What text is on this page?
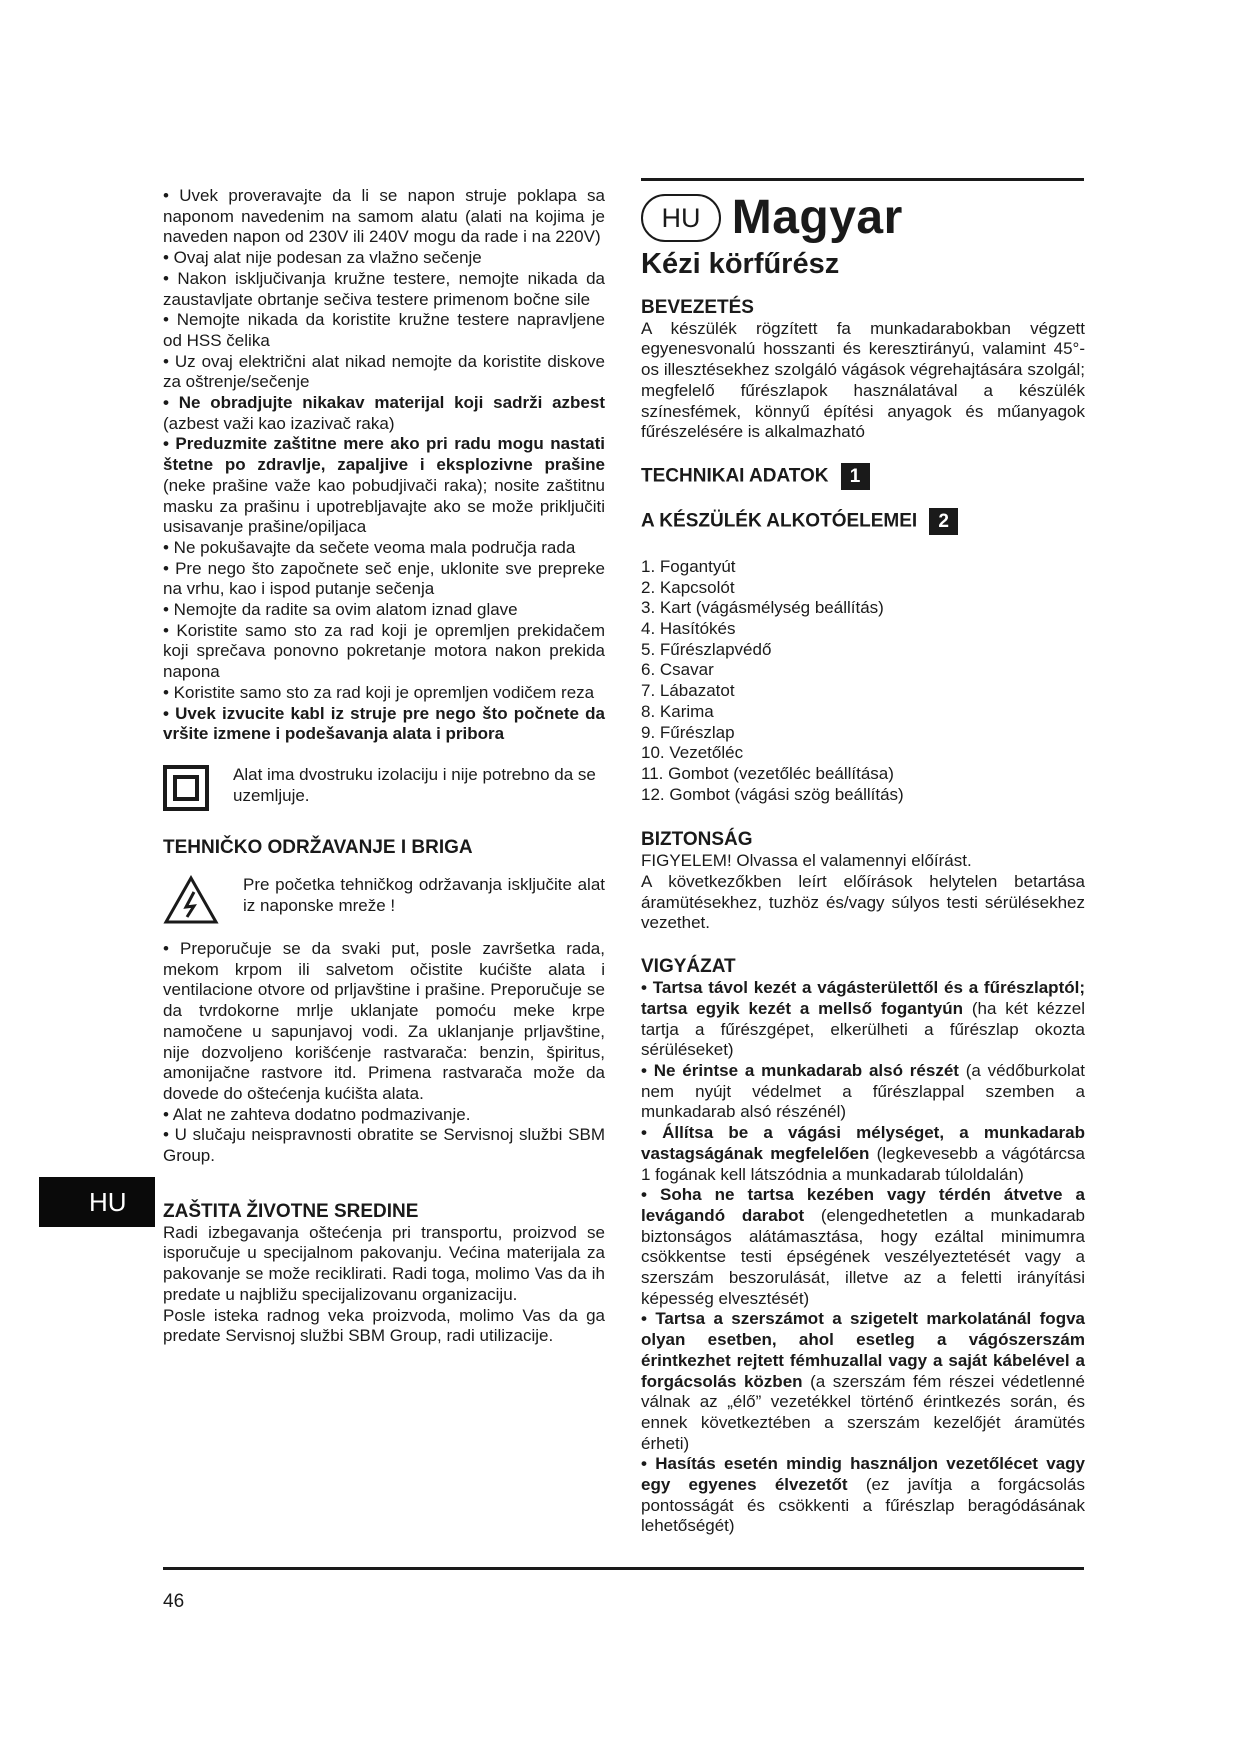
• Uvek proveravajte da li se napon struje poklapa sa naponom navedenim na samom alatu (alati na kojima je naveden napon od 230V ili 240V mogu da rade i na 220V)

• Ovaj alat nije podesan za vlažno sečenje

• Nakon isključivanja kružne testere, nemojte nikada da zaustavljate obrtanje sečiva testere primenom bočne sile

• Nemojte nikada da koristite kružne testere napravljene od HSS čelika

• Uz ovaj električni alat nikad nemojte da koristite diskove za oštrenje/sečenje

• Ne obradjujte nikakav materijal koji sadrži azbest (azbest važi kao izazivač raka)

• Preduzmite zaštitne mere ako pri radu mogu nastati štetne po zdravlje, zapaljive i eksplozivne prašine (neke prašine važe kao pobudjivači raka); nosite zaštitnu masku za prašinu i upotrebljavajte ako se može priključiti usisavanje prašine/opiljaca

• Ne pokušavajte da sečete veoma mala područja rada

• Pre nego što započnete seč enje, uklonite sve prepreke na vrhu, kao i ispod putanje sečenja

• Nemojte da radite sa ovim alatom iznad glave

• Koristite samo sto za rad koji je opremljen prekidačem koji sprečava ponovno pokretanje motora nakon prekida napona

• Koristite samo sto za rad koji je opremljen vodičem reza

• Uvek izvucite kabl iz struje pre nego što počnete da vršite izmene i podešavanja alata i pribora

Alat ima dvostruku izolaciju i nije potrebno da se uzemljuje.

TEHNIČKO ODRŽAVANJE I BRIGA

Pre početka tehničkog održavanja isključite alat iz naponske mreže !

• Preporučuje se da svaki put, posle završetka rada, mekom krpom ili salvetom očistite kućište alata i ventilacione otvore od prljavštine i prašine. Preporučuje se da tvrdokorne mrlje uklanjate pomoću meke krpe namočene u sapunjavoj vodi. Za uklanjanje prljavštine, nije dozvoljeno korišćenje rastvarača: benzin, špiritus, amonijačne rastvore itd. Primena rastvarača može da dovede do oštećenja kućišta alata.

• Alat ne zahteva dodatno podmazivanje.

• U slučaju neispravnosti obratite se Servisnoj službi SBM Group.

ZAŠTITA ŽIVOTNE SREDINE

Radi izbegavanja oštećenja pri transportu, proizvod se isporučuje u specijalnom pakovanju. Većina materijala za pakovanje se može reciklirati. Radi toga, molimo Vas da ih predate u najbližu specijalizovanu organizaciju.

Posle isteka radnog veka proizvoda, molimo Vas da ga predate Servisnoj službi SBM Group, radi utilizacije.

HU Magyar
Kézi körfűrész

BEVEZETÉS

A készülék rögzített fa munkadarabokban végzett egyenesvonalú hosszanti és keresztirányú, valamint 45°-os illesztésekhez szolgáló vágások végrehajtására szolgál; megfelelő fűrészlapok használatával a készülék színesfémek, könnyű építési anyagok és műanyagok fűrészelésére is alkalmazható

TECHNIKAI ADATOK 1

A KÉSZÜLÉK ALKOTÓELEMEI 2

1. Fogantyút
2. Kapcsolót
3. Kart (vágásmélység beállítás)
4. Hasítókés
5. Fűrészlapvédő
6. Csavar
7. Lábazatot
8. Karima
9. Fűrészlap
10. Vezetőléc
11. Gombot (vezetőléc beállítása)
12. Gombot (vágási szög beállítás)

BIZTONSÁG

FIGYELEM! Olvassa el valamennyi előírást.

A következőkben leírt előírások helytelen betartása áramütésekhez, tuzhöz és/vagy súlyos testi sérülésekhez vezethet.

VIGYÁZAT

• Tartsa távol kezét a vágásterülettől és a fűrészlaptól; tartsa egyik kezét a mellső fogantyún (ha két kézzel tartja a fűrészgépet, elkerülheti a fűrészlap okozta sérüléseket)

• Ne érintse a munkadarab alsó részét (a védőburkolat nem nyújt védelmet a fűrészlappal szemben a munkadarab alsó részénél)

• Állítsa be a vágási mélységet, a munkadarab vastagságának megfelelően (legkevesebb a vágótárcsa 1 fogának kell látszódnia a munkadarab túloldalán)

• Soha ne tartsa kezében vagy térdén átvetve a levágandó darabot (elengedhetetlen a munkadarab biztonságos alátámasztása, hogy ezáltal minimumra csökkentse testi épségének veszélyeztetését vagy a szerszám beszorulását, illetve az a feletti irányítási képesség elvesztését)

• Tartsa a szerszámot a szigetelt markolatánál fogva olyan esetben, ahol esetleg a vágószerszám érintkezhet rejtett fémhuzallal vagy a saját kábelével a forgácsolás közben (a szerszám fém részei védetlenné válnak az „élő” vezetékkel történő érintkezés során, és ennek következtében a szerszám kezelőjét áramütés érheti)

• Hasítás esetén mindig használjon vezetőlécet vagy egy egyenes élvezetőt (ez javítja a forgácsolás pontosságát és csökkenti a fűrészlap beragódásának lehetőségét)

HU
46
